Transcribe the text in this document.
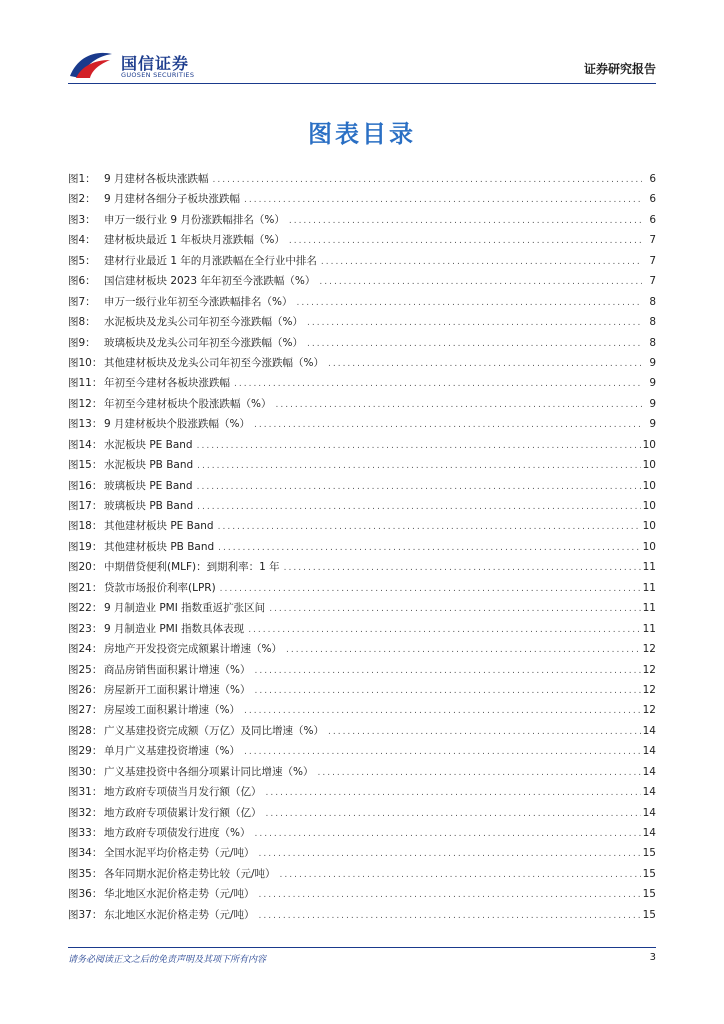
国信证券
GUOSEN SECURITIES	证券研究报告
图表目录
图1： 9 月建材各板块涨跌幅 .....	6
图2： 9 月建材各细分子板块涨跌幅 .....	6
图3： 申万一级行业 9 月份涨跌幅排名（%） .....	6
图4： 建材板块最近 1 年板块月涨跌幅（%） .....	7
图5： 建材行业最近 1 年的月涨跌幅在全行业中排名 .....	7
图6： 国信建材板块 2023 年年初至今涨跌幅（%） .....	7
图7： 申万一级行业年初至今涨跌幅排名（%） .....	8
图8： 水泥板块及龙头公司年初至今涨跌幅（%） .....	8
图9： 玻璃板块及龙头公司年初至今涨跌幅（%） .....	8
图10： 其他建材板块及龙头公司年初至今涨跌幅（%） .....	9
图11： 年初至今建材各板块涨跌幅 .....	9
图12： 年初至今建材板块个股涨跌幅（%） .....	9
图13： 9 月建材板块个股涨跌幅（%） .....	9
图14： 水泥板块 PE Band .....	10
图15： 水泥板块 PB Band .....	10
图16： 玻璃板块 PE Band .....	10
图17： 玻璃板块 PB Band .....	10
图18： 其他建材板块 PE Band .....	10
图19： 其他建材板块 PB Band .....	10
图20： 中期借贷便利(MLF)：到期利率：1 年 .....	11
图21： 贷款市场报价利率(LPR) .....	11
图22： 9 月制造业 PMI 指数重返扩张区间 .....	11
图23： 9 月制造业 PMI 指数具体表现 .....	11
图24： 房地产开发投资完成额累计增速（%） .....	12
图25： 商品房销售面积累计增速（%） .....	12
图26： 房屋新开工面积累计增速（%） .....	12
图27： 房屋竣工面积累计增速（%） .....	12
图28： 广义基建投资完成额（万亿）及同比增速（%） .....	14
图29： 单月广义基建投资增速（%） .....	14
图30： 广义基建投资中各细分项累计同比增速（%） .....	14
图31： 地方政府专项债当月发行额（亿） .....	14
图32： 地方政府专项债累计发行额（亿） .....	14
图33： 地方政府专项债发行进度（%） .....	14
图34： 全国水泥平均价格走势（元/吨） .....	15
图35： 各年同期水泥价格走势比较（元/吨） .....	15
图36： 华北地区水泥价格走势（元/吨） .....	15
图37： 东北地区水泥价格走势（元/吨） .....	15
请务必阅读正文之后的免责声明及其项下所有内容	3
